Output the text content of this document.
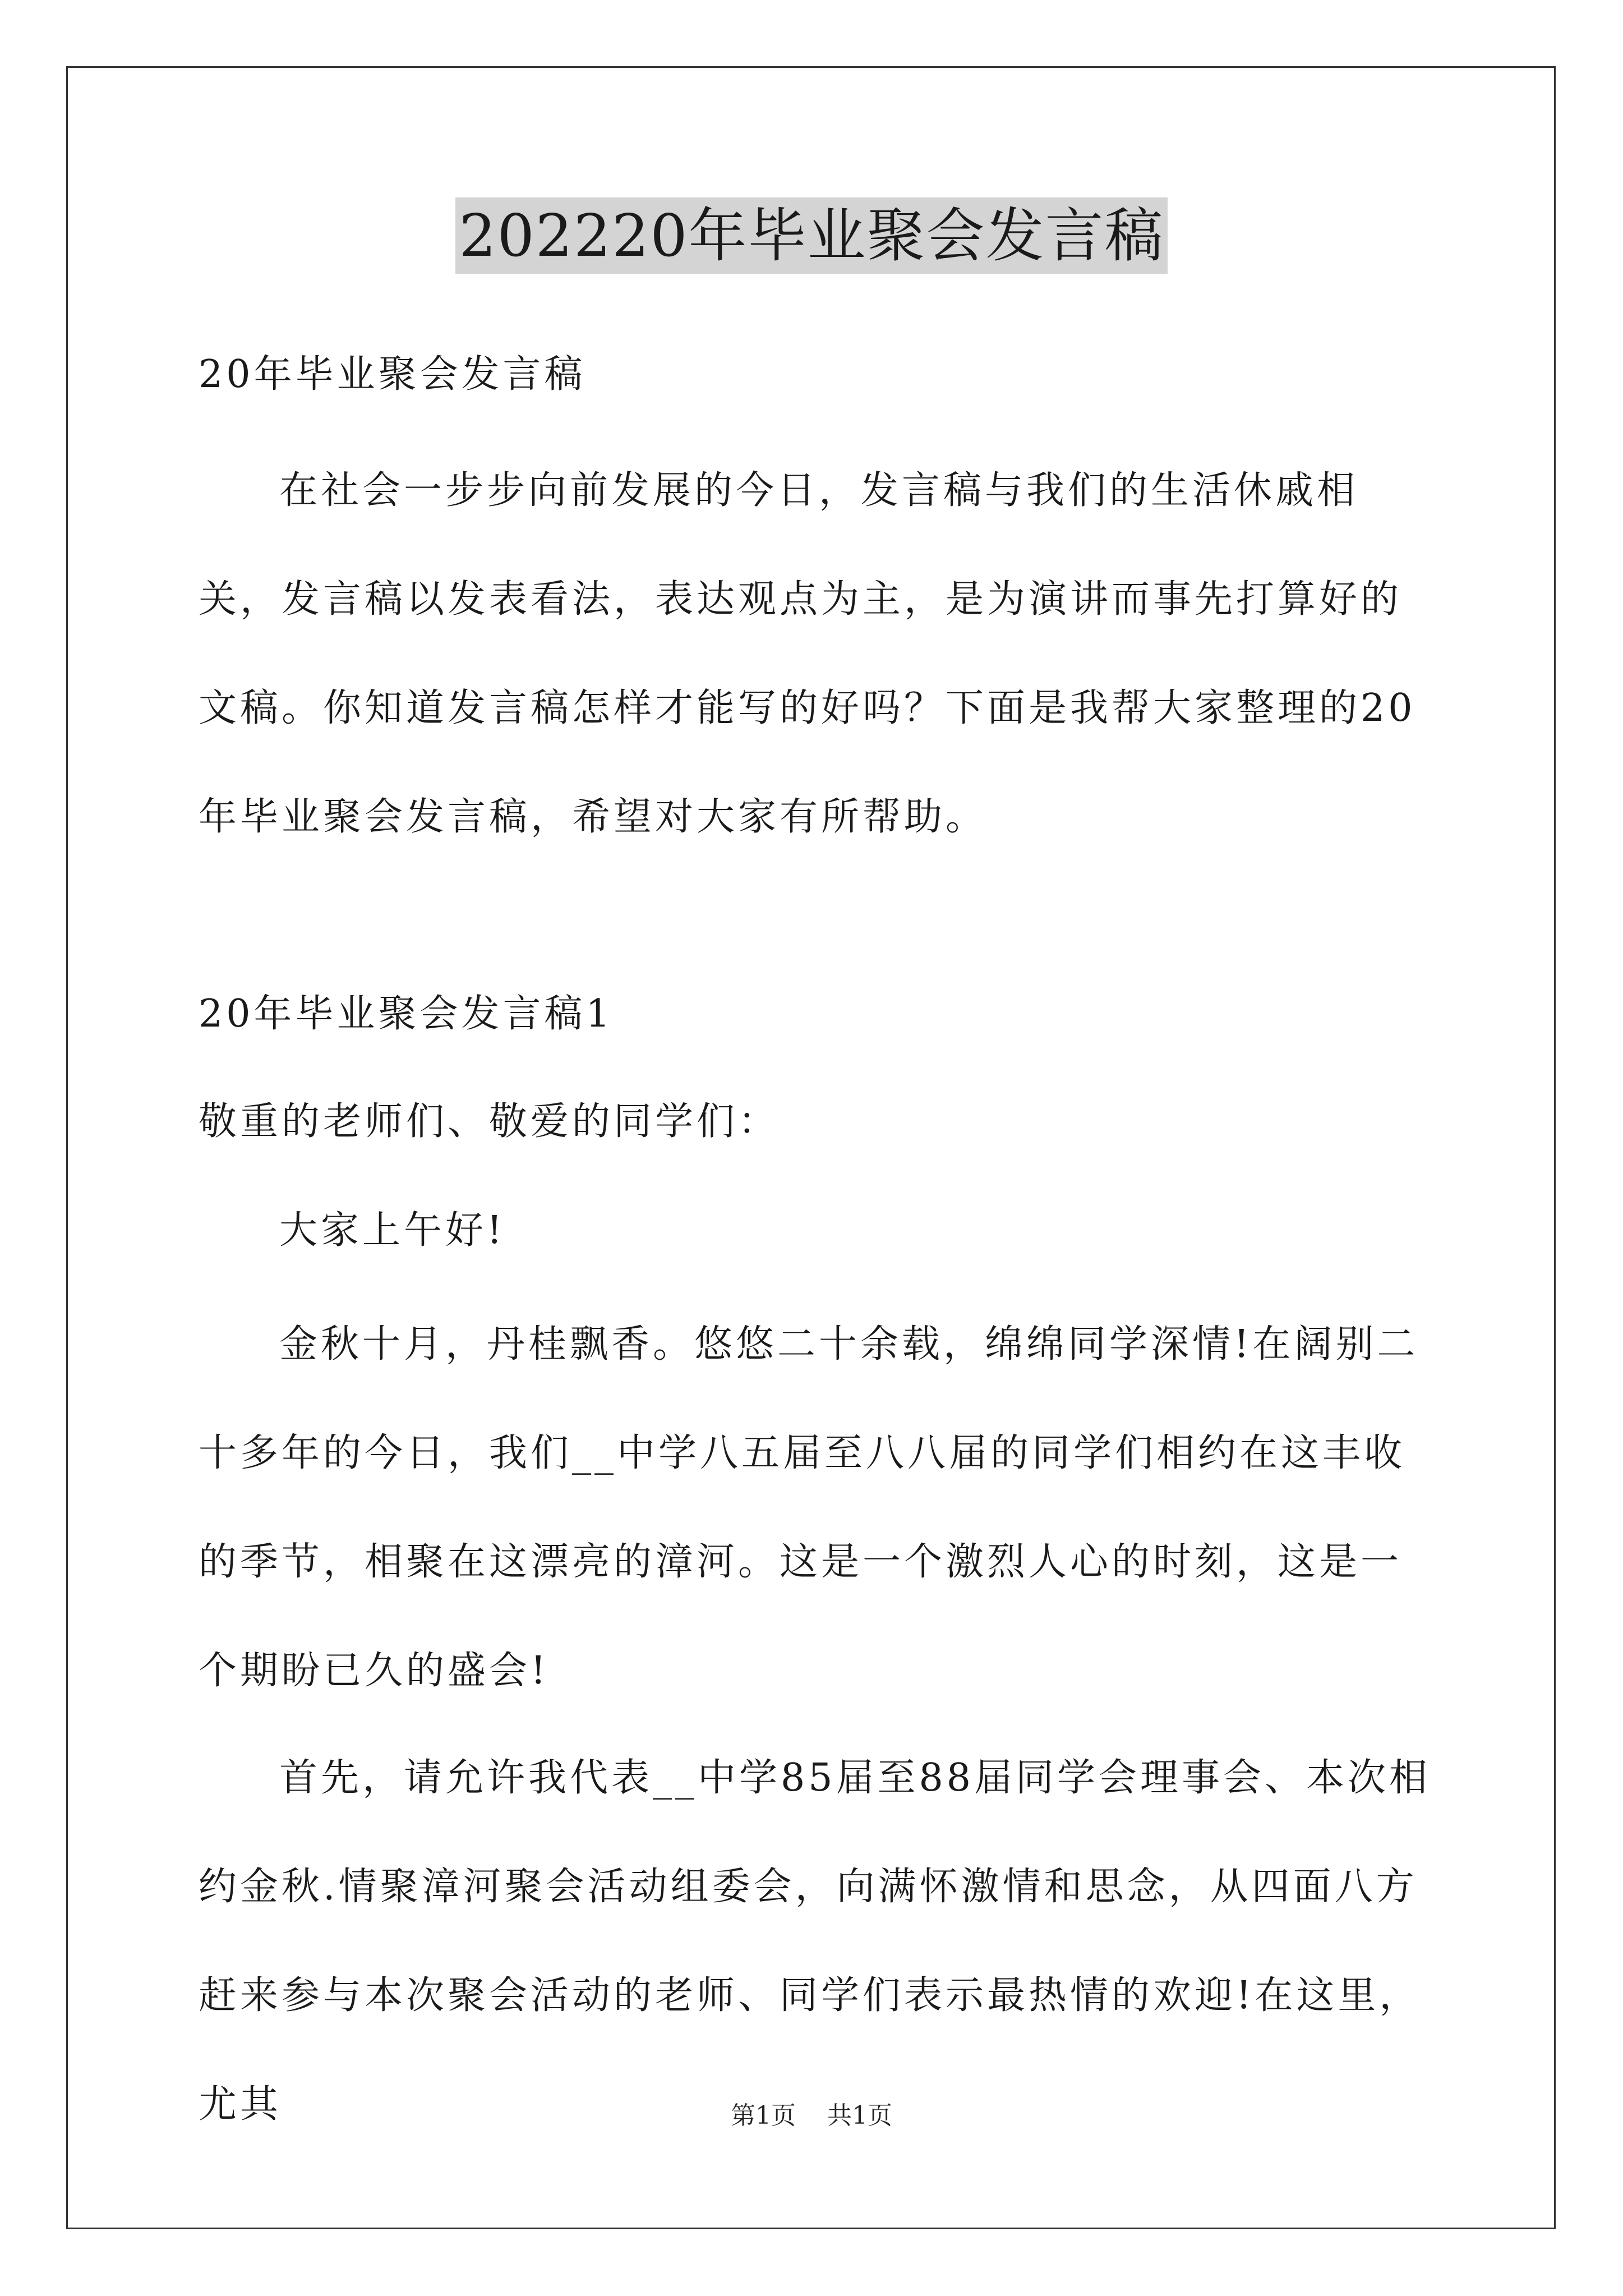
202220年毕业聚会发言稿

20年毕业聚会发言稿

在社会一步步向前发展的今日，发言稿与我们的生活休戚相关，发言稿以发表看法，表达观点为主，是为演讲而事先打算好的文稿。你知道发言稿怎样才能写的好吗？下面是我帮大家整理的20年毕业聚会发言稿，希望对大家有所帮助。

20年毕业聚会发言稿1

敬重的老师们、敬爱的同学们：

大家上午好!

金秋十月，丹桂飘香。悠悠二十余载，绵绵同学深情!在阔别二十多年的今日，我们__中学八五届至八八届的同学们相约在这丰收的季节，相聚在这漂亮的漳河。这是一个激烈人心的时刻，这是一个期盼已久的盛会!

首先，请允许我代表__中学85届至88届同学会理事会、本次相约金秋.情聚漳河聚会活动组委会，向满怀激情和思念，从四面八方赶来参与本次聚会活动的老师、同学们表示最热情的欢迎!在这里，尤其	第1页 共1页
